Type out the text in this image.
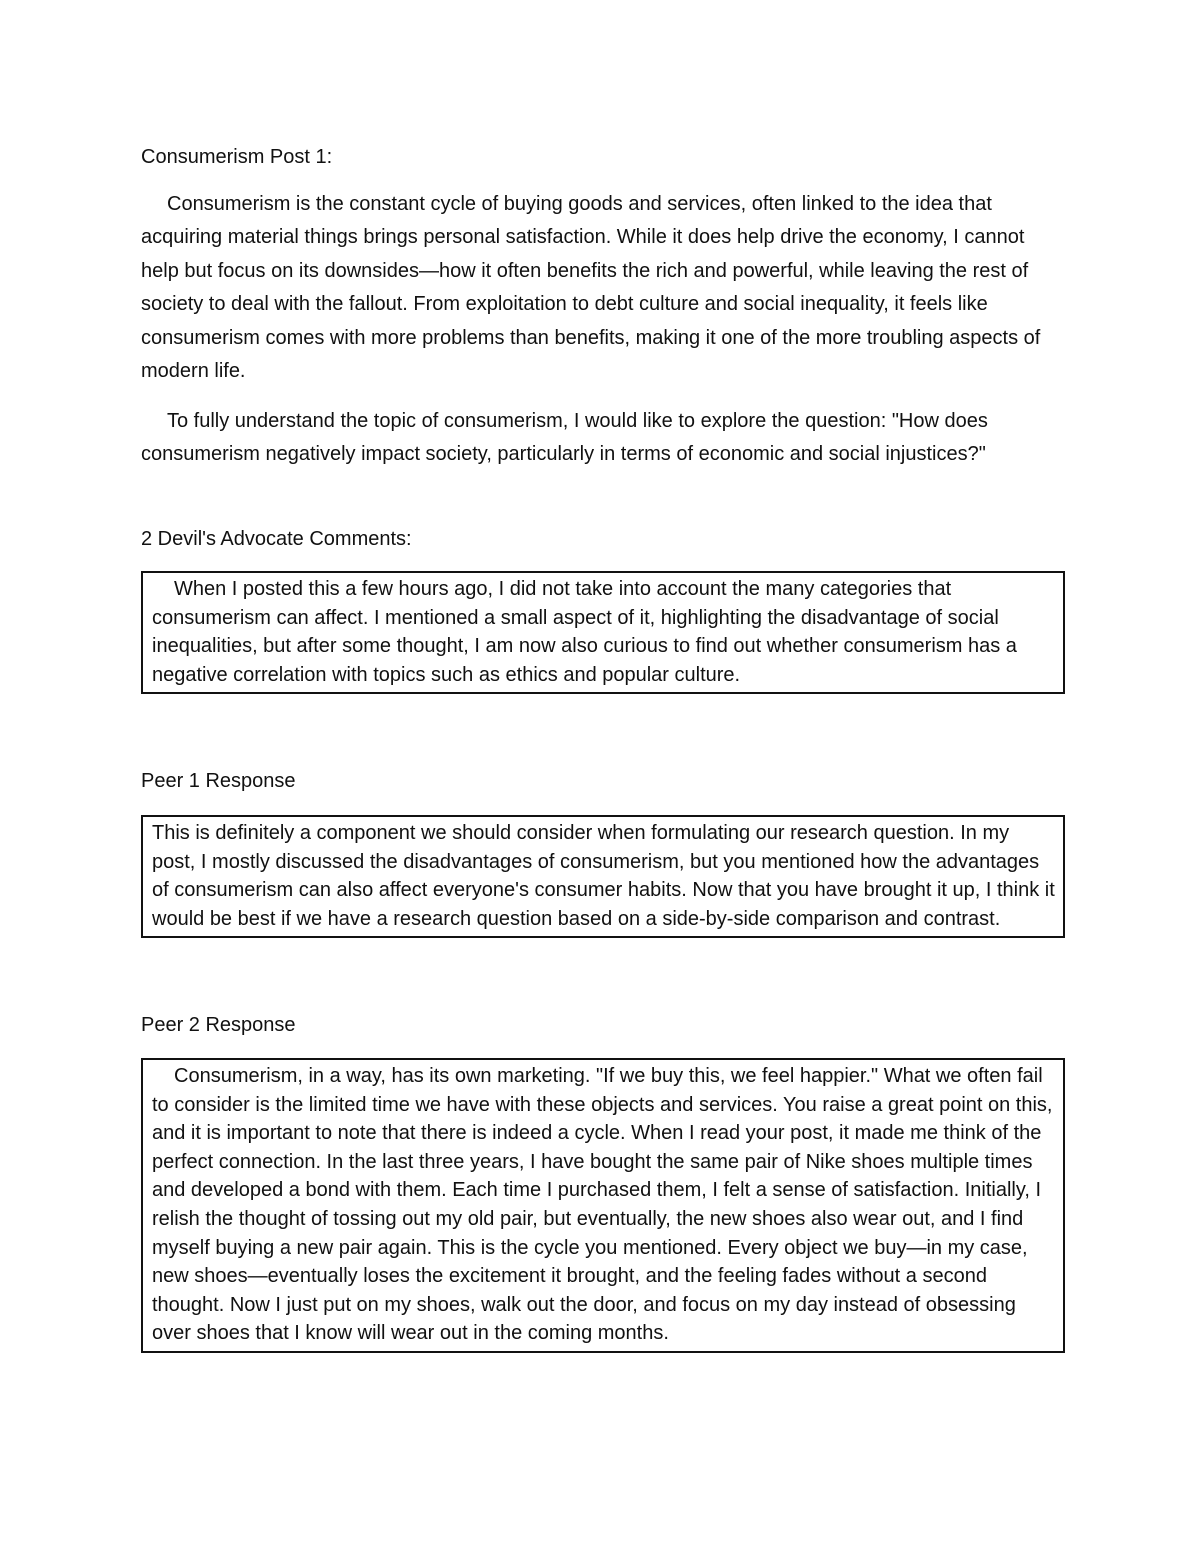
Consumerism Post 1:

Consumerism is the constant cycle of buying goods and services, often linked to the idea that acquiring material things brings personal satisfaction. While it does help drive the economy, I cannot help but focus on its downsides—how it often benefits the rich and powerful, while leaving the rest of society to deal with the fallout. From exploitation to debt culture and social inequality, it feels like consumerism comes with more problems than benefits, making it one of the more troubling aspects of modern life.

To fully understand the topic of consumerism, I would like to explore the question: "How does consumerism negatively impact society, particularly in terms of economic and social injustices?"

2 Devil's Advocate Comments:

When I posted this a few hours ago, I did not take into account the many categories that consumerism can affect. I mentioned a small aspect of it, highlighting the disadvantage of social inequalities, but after some thought, I am now also curious to find out whether consumerism has a negative correlation with topics such as ethics and popular culture.

Peer 1 Response

This is definitely a component we should consider when formulating our research question. In my post, I mostly discussed the disadvantages of consumerism, but you mentioned how the advantages of consumerism can also affect everyone's consumer habits. Now that you have brought it up, I think it would be best if we have a research question based on a side-by-side comparison and contrast.

Peer 2 Response

Consumerism, in a way, has its own marketing. "If we buy this, we feel happier." What we often fail to consider is the limited time we have with these objects and services. You raise a great point on this, and it is important to note that there is indeed a cycle. When I read your post, it made me think of the perfect connection. In the last three years, I have bought the same pair of Nike shoes multiple times and developed a bond with them. Each time I purchased them, I felt a sense of satisfaction. Initially, I relish the thought of tossing out my old pair, but eventually, the new shoes also wear out, and I find myself buying a new pair again. This is the cycle you mentioned. Every object we buy—in my case, new shoes—eventually loses the excitement it brought, and the feeling fades without a second thought. Now I just put on my shoes, walk out the door, and focus on my day instead of obsessing over shoes that I know will wear out in the coming months.
